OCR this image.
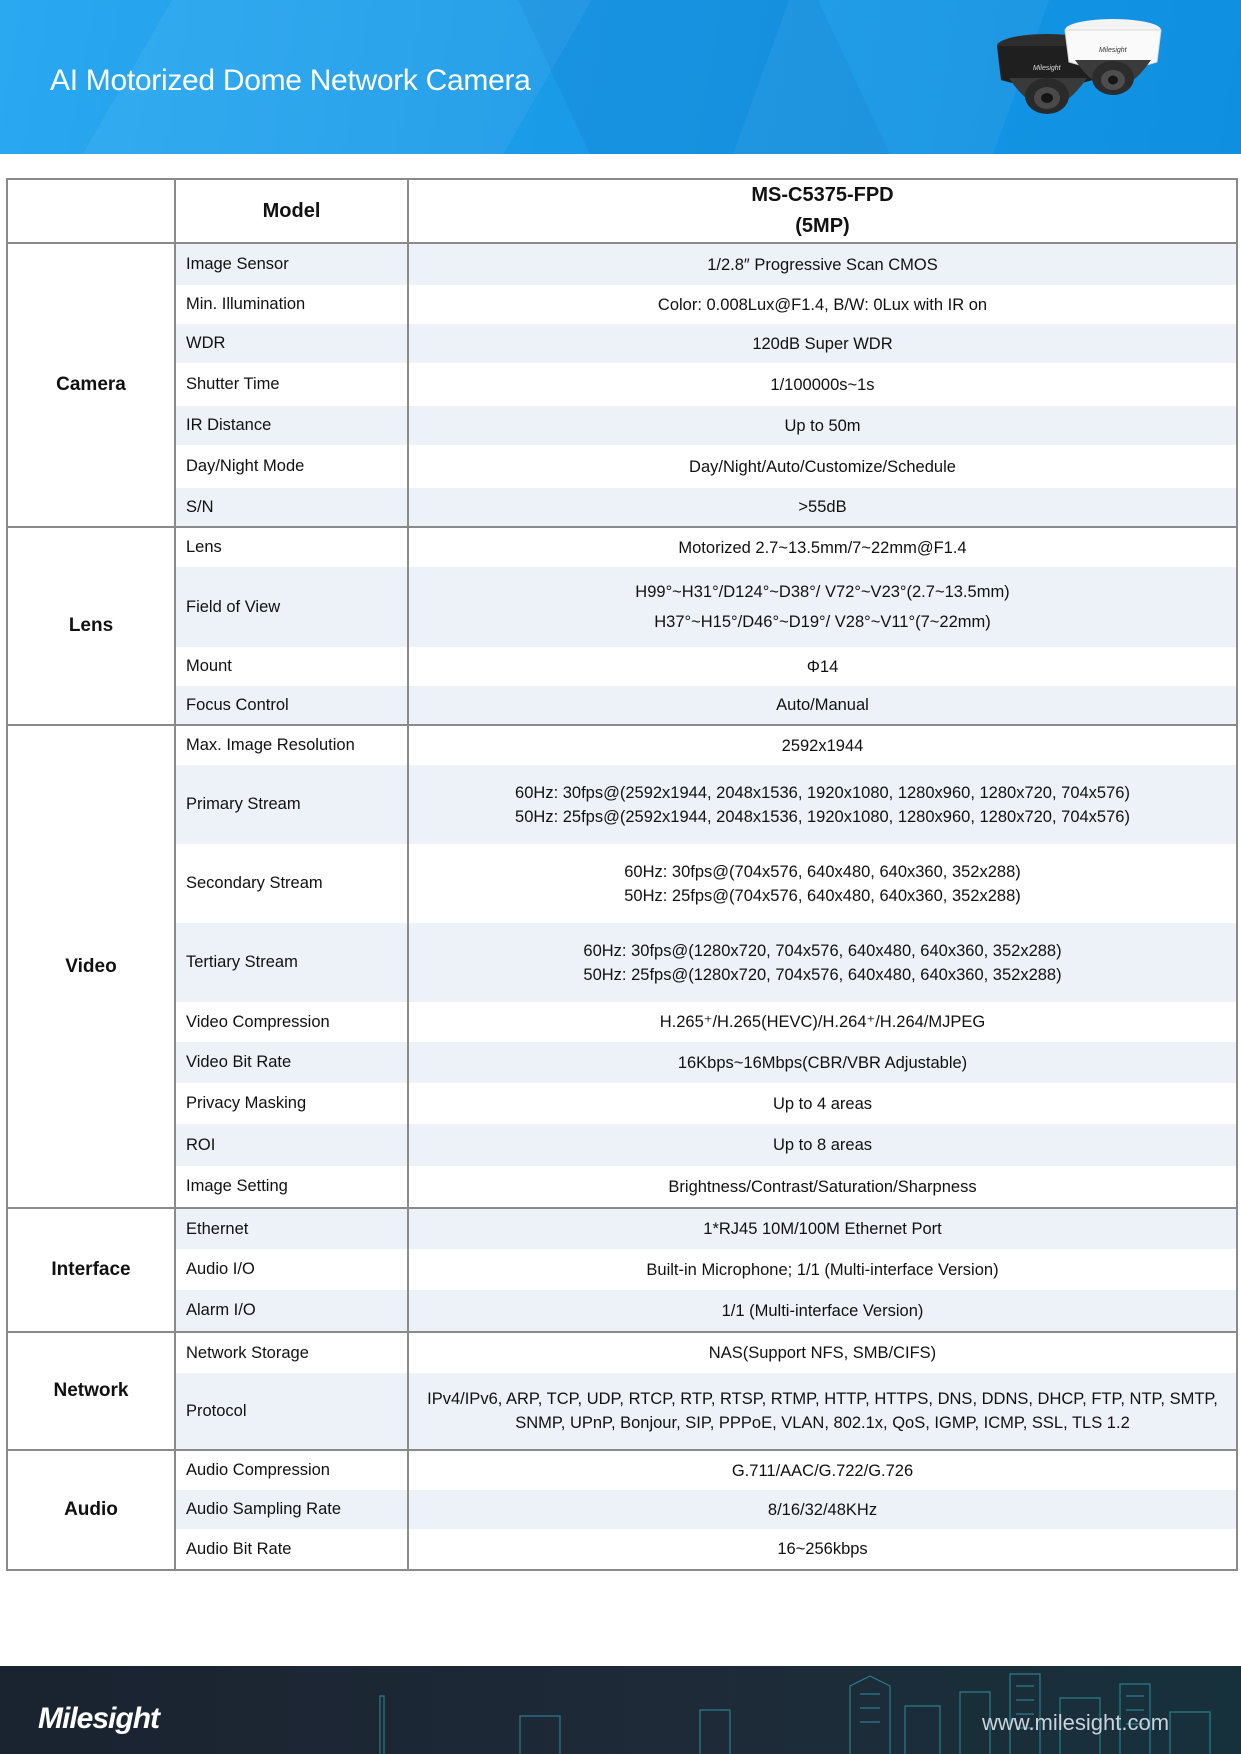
AI Motorized Dome Network Camera	Milesight
Milesight
	Model	MS-C5375-FPD
(5MP)

Camera	Image Sensor	1/2.8″ Progressive Scan CMOS

	Min. Illumination	Color: 0.008Lux@F1.4, B/W: 0Lux with IR on

	WDR	120dB Super WDR

	Shutter Time	1/100000s~1s

	IR Distance	Up to 50m

	Day/Night Mode	Day/Night/Auto/Customize/Schedule

	S/N	>55dB

Lens	Lens	Motorized 2.7~13.5mm/7~22mm@F1.4

	Field of View	H99°~H31°/D124°~D38°/ V72°~V23°(2.7~13.5mm)
H37°~H15°/D46°~D19°/ V28°~V11°(7~22mm)

	Mount	Φ14

	Focus Control	Auto/Manual

Video	Max. Image Resolution	2592x1944

	Primary Stream	60Hz: 30fps@(2592x1944, 2048x1536, 1920x1080, 1280x960, 1280x720, 704x576)
50Hz: 25fps@(2592x1944, 2048x1536, 1920x1080, 1280x960, 1280x720, 704x576)

	Secondary Stream	60Hz: 30fps@(704x576, 640x480, 640x360, 352x288)
50Hz: 25fps@(704x576, 640x480, 640x360, 352x288)

	Tertiary Stream	60Hz: 30fps@(1280x720, 704x576, 640x480, 640x360, 352x288)
50Hz: 25fps@(1280x720, 704x576, 640x480, 640x360, 352x288)

	Video Compression	H.265⁺/H.265(HEVC)/H.264⁺/H.264/MJPEG

	Video Bit Rate	16Kbps~16Mbps(CBR/VBR Adjustable)

	Privacy Masking	Up to 4 areas

	ROI	Up to 8 areas

	Image Setting	Brightness/Contrast/Saturation/Sharpness

Interface	Ethernet	1*RJ45 10M/100M Ethernet Port

	Audio I/O	Built-in Microphone; 1/1 (Multi-interface Version)

	Alarm I/O	1/1 (Multi-interface Version)

Network	Network Storage	NAS(Support NFS, SMB/CIFS)

	Protocol	IPv4/IPv6, ARP, TCP, UDP, RTCP, RTP, RTSP, RTMP, HTTP, HTTPS, DNS, DDNS, DHCP, FTP, NTP, SMTP,
SNMP, UPnP, Bonjour, SIP, PPPoE, VLAN, 802.1x, QoS, IGMP, ICMP, SSL, TLS 1.2

Audio	Audio Compression	G.711/AAC/G.722/G.726

	Audio Sampling Rate	8/16/32/48KHz

	Audio Bit Rate	16~256kbps
Milesight	www.milesight.com
